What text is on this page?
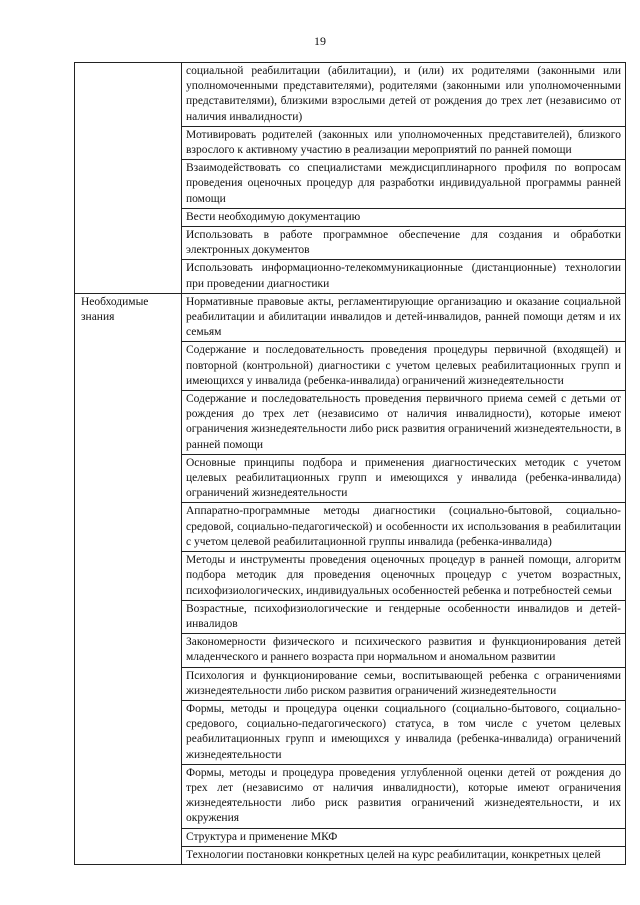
19
	социальной реабилитации (абилитации), и (или) их родителями (законными или уполномоченными представителями), родителями (законными или уполномоченными представителями), близкими взрослыми детей от рождения до трех лет (независимо от наличия инвалидности)
	Мотивировать родителей (законных или уполномоченных представителей), близкого взрослого к активному участию в реализации мероприятий по ранней помощи
	Взаимодействовать со специалистами междисциплинарного профиля по вопросам проведения оценочных процедур для разработки индивидуальной программы ранней помощи
	Вести необходимую документацию
	Использовать в работе программное обеспечение для создания и обработки электронных документов
	Использовать информационно-телекоммуникационные (дистанционные) технологии при проведении диагностики
Необходимые знания	Нормативные правовые акты, регламентирующие организацию и оказание социальной реабилитации и абилитации инвалидов и детей-инвалидов, ранней помощи детям и их семьям
	Содержание и последовательность проведения процедуры первичной (входящей) и повторной (контрольной) диагностики с учетом целевых реабилитационных групп и имеющихся у инвалида (ребенка-инвалида) ограничений жизнедеятельности
	Содержание и последовательность проведения первичного приема семей с детьми от рождения до трех лет (независимо от наличия инвалидности), которые имеют ограничения жизнедеятельности либо риск развития ограничений жизнедеятельности, в ранней помощи
	Основные принципы подбора и применения диагностических методик с учетом целевых реабилитационных групп и имеющихся у инвалида (ребенка-инвалида) ограничений жизнедеятельности
	Аппаратно-программные методы диагностики (социально-бытовой, социально-средовой, социально-педагогической) и особенности их использования в реабилитации с учетом целевой реабилитационной группы инвалида (ребенка-инвалида)
	Методы и инструменты проведения оценочных процедур в ранней помощи, алгоритм подбора методик для проведения оценочных процедур с учетом возрастных, психофизиологических, индивидуальных особенностей ребенка и потребностей семьи
	Возрастные, психофизиологические и гендерные особенности инвалидов и детей-инвалидов
	Закономерности физического и психического развития и функционирования детей младенческого и раннего возраста при нормальном и аномальном развитии
	Психология и функционирование семьи, воспитывающей ребенка с ограничениями жизнедеятельности либо риском развития ограничений жизнедеятельности
	Формы, методы и процедура оценки социального (социально-бытового, социально-средового, социально-педагогического) статуса, в том числе с учетом целевых реабилитационных групп и имеющихся у инвалида (ребенка-инвалида) ограничений жизнедеятельности
	Формы, методы и процедура проведения углубленной оценки детей от рождения до трех лет (независимо от наличия инвалидности), которые имеют ограничения жизнедеятельности либо риск развития ограничений жизнедеятельности, и их окружения
	Структура и применение МКФ
	Технологии постановки конкретных целей на курс реабилитации, конкретных целей
